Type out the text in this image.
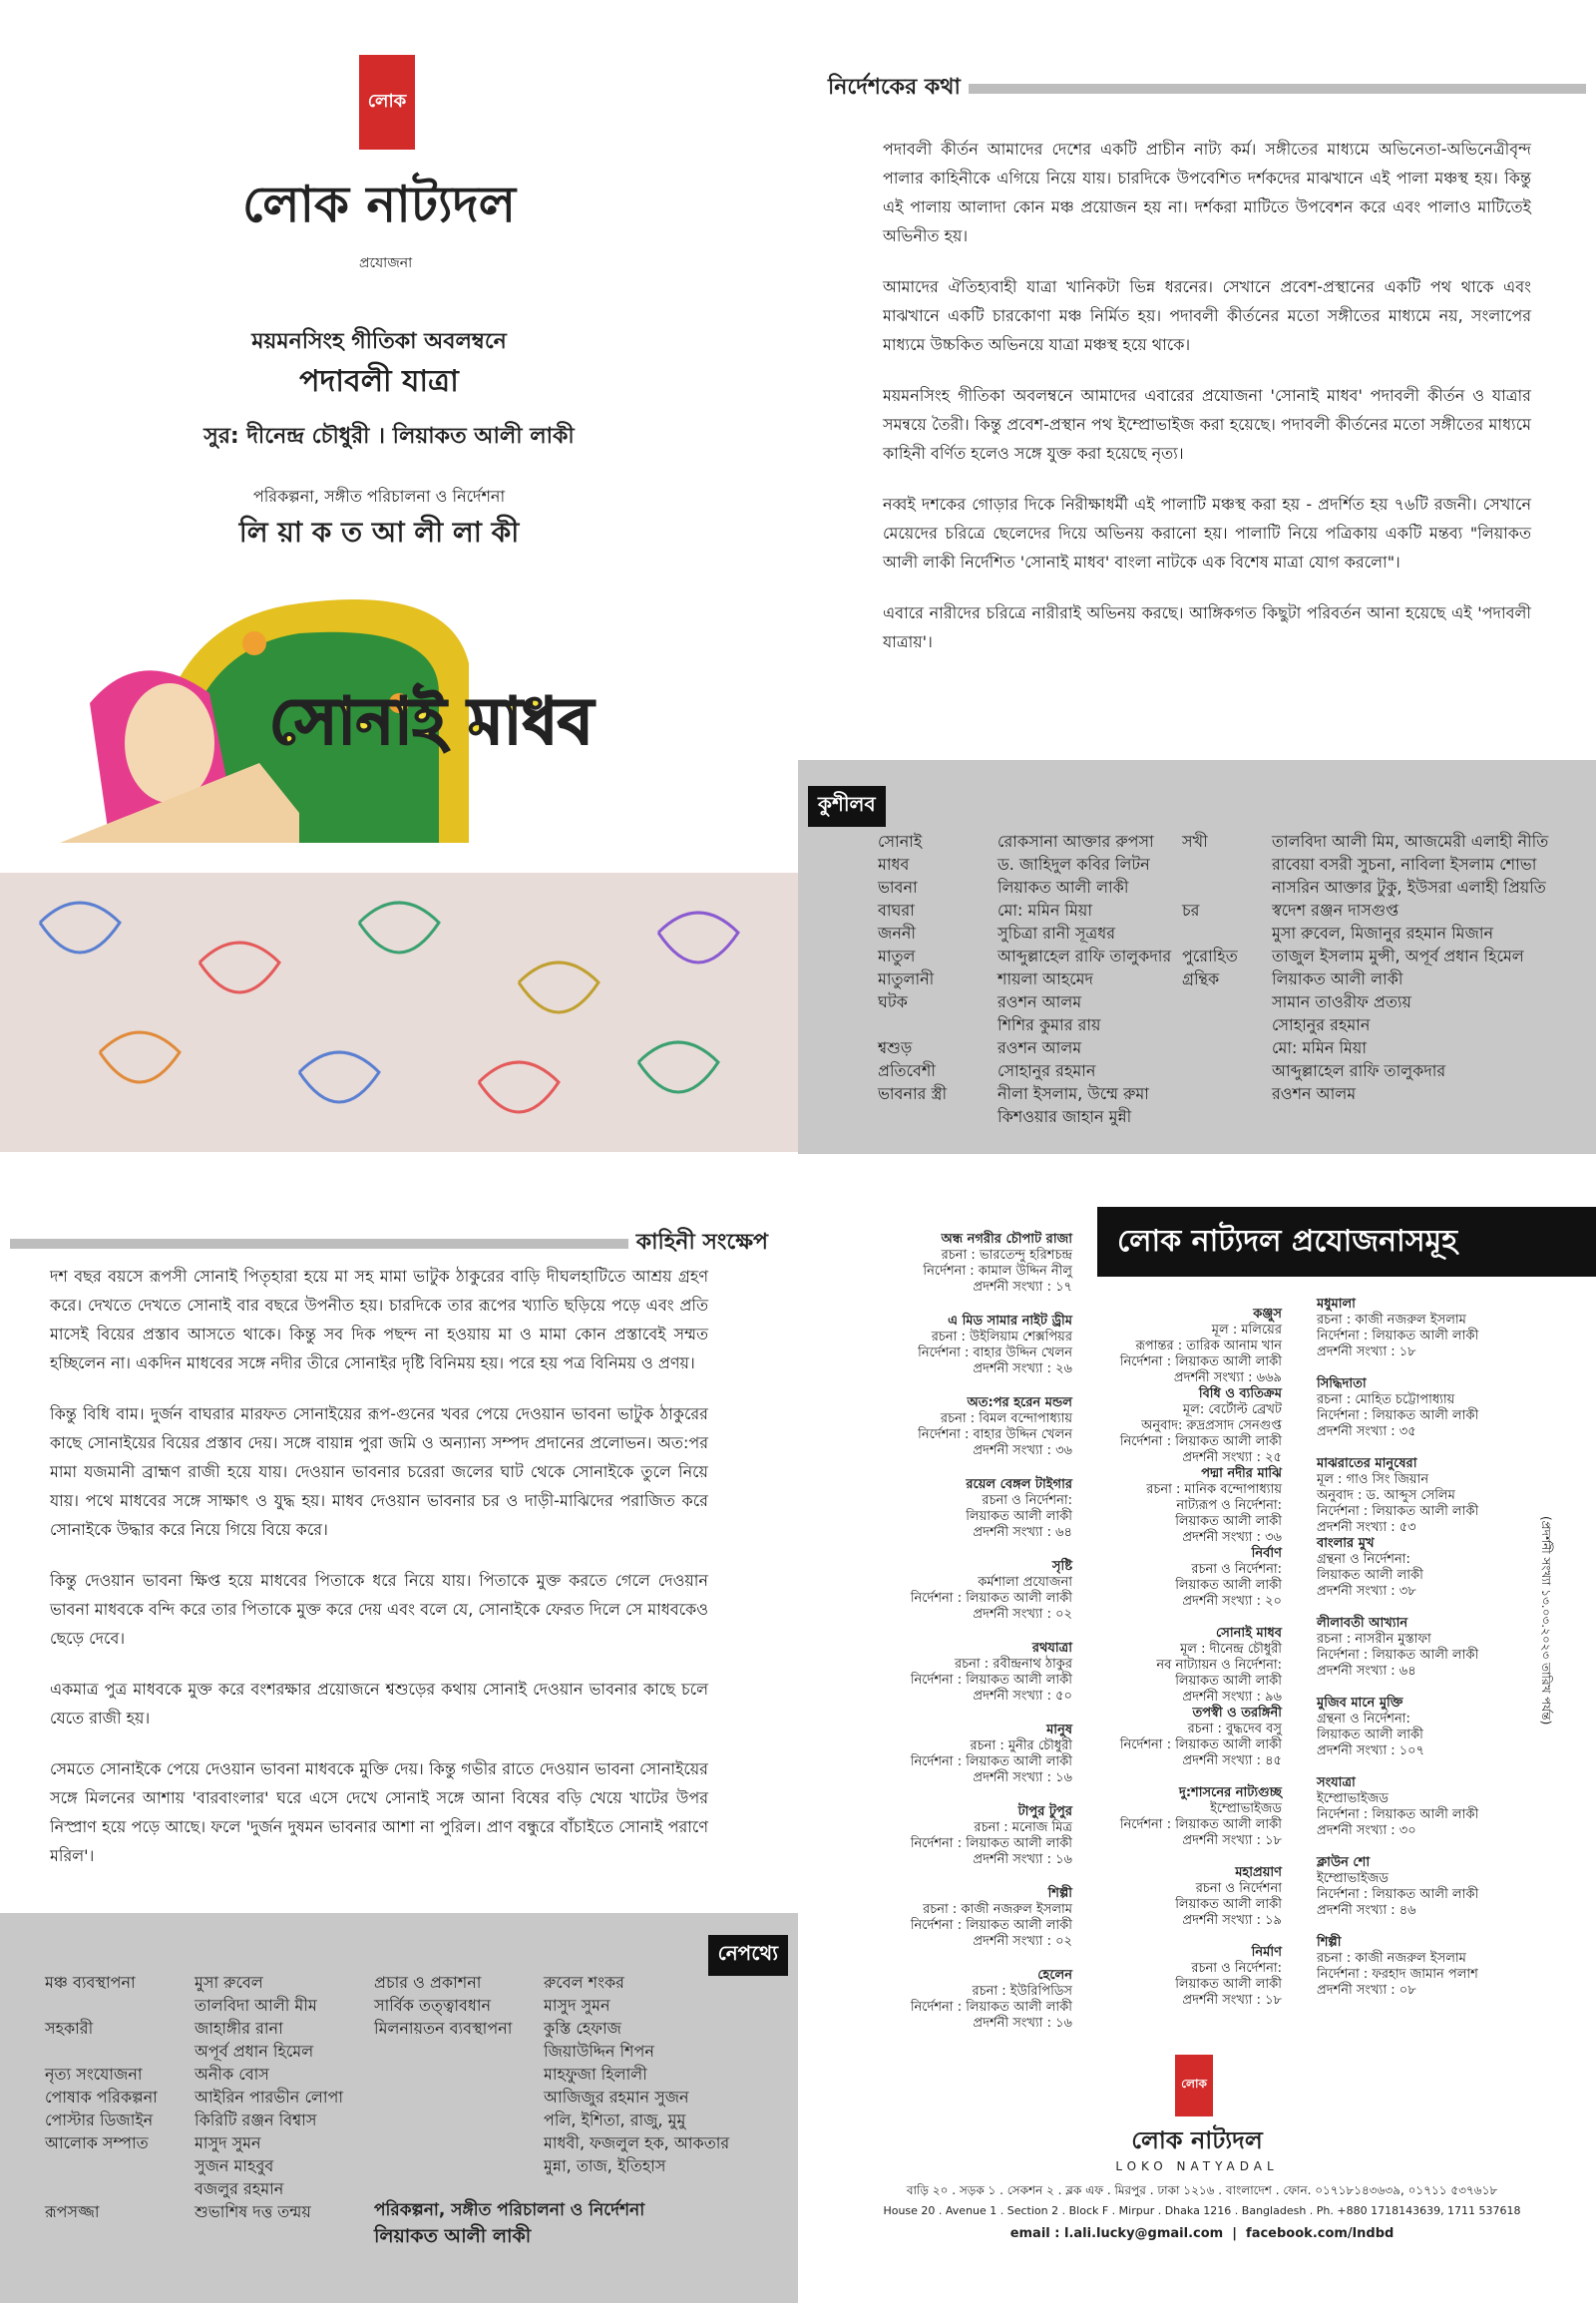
লোক
লোক নাট্যদল
প্রযোজনা
ময়মনসিংহ গীতিকা অবলম্বনে
পদাবলী যাত্রা
সুর: দীনেন্দ্র চৌধুরী । লিয়াকত আলী লাকী
পরিকল্পনা, সঙ্গীত পরিচালনা ও নির্দেশনা
লি য়া ক ত আ লী লা কী
সোনাই মাধব
নির্দেশকের কথা

পদাবলী কীর্তন আমাদের দেশের একটি প্রাচীন নাট্য কর্ম। সঙ্গীতের মাধ্যমে অভিনেতা-অভিনেত্রীবৃন্দ পালার কাহিনীকে এগিয়ে নিয়ে যায়। চারদিকে উপবেশিত দর্শকদের মাঝখানে এই পালা মঞ্চস্থ হয়। কিন্তু এই পালায় আলাদা কোন মঞ্চ প্রয়োজন হয় না। দর্শকরা মাটিতে উপবেশন করে এবং পালাও মাটিতেই অভিনীত হয়।

আমাদের ঐতিহ্যবাহী যাত্রা খানিকটা ভিন্ন ধরনের। সেখানে প্রবেশ-প্রস্থানের একটি পথ থাকে এবং মাঝখানে একটি চারকোণা মঞ্চ নির্মিত হয়। পদাবলী কীর্তনের মতো সঙ্গীতের মাধ্যমে নয়, সংলাপের মাধ্যমে উচ্চকিত অভিনয়ে যাত্রা মঞ্চস্থ হয়ে থাকে।

ময়মনসিংহ গীতিকা অবলম্বনে আমাদের এবারের প্রযোজনা 'সোনাই মাধব' পদাবলী কীর্তন ও যাত্রার সমন্বয়ে তৈরী। কিন্তু প্রবেশ-প্রস্থান পথ ইম্প্রোভাইজ করা হয়েছে। পদাবলী কীর্তনের মতো সঙ্গীতের মাধ্যমে কাহিনী বর্ণিত হলেও সঙ্গে যুক্ত করা হয়েছে নৃত্য।

নব্বই দশকের গোড়ার দিকে নিরীক্ষাধর্মী এই পালাটি মঞ্চস্থ করা হয় - প্রদর্শিত হয় ৭৬টি রজনী। সেখানে মেয়েদের চরিত্রে ছেলেদের দিয়ে অভিনয় করানো হয়। পালাটি নিয়ে পত্রিকায় একটি মন্তব্য "লিয়াকত আলী লাকী নির্দেশিত 'সোনাই মাধব' বাংলা নাটকে এক বিশেষ মাত্রা যোগ করলো"।

এবারে নারীদের চরিত্রে নারীরাই অভিনয় করছে। আঙ্গিকগত কিছুটা পরিবর্তন আনা হয়েছে এই 'পদাবলী যাত্রায়'।

কুশীলব
সোনাই	রোকসানা আক্তার রুপসা
মাধব	ড. জাহিদুল কবির লিটন
ভাবনা	লিয়াকত আলী লাকী
বাঘরা	মো: মমিন মিয়া
জননী	সুচিত্রা রানী সূত্রধর
মাতুল	আব্দুল্লাহেল রাফি তালুকদার
মাতুলানী	শায়লা আহমেদ
ঘটক	রওশন আলম
শিশির কুমার রায়
শ্বশুড়	রওশন আলম
প্রতিবেশী	সোহানুর রহমান
ভাবনার স্ত্রী	নীলা ইসলাম, উম্মে রুমা
কিশওয়ার জাহান মুন্নী
সখী	তালবিদা আলী মিম, আজমেরী এলাহী নীতি
রাবেয়া বসরী সুচনা, নাবিলা ইসলাম শোভা
নাসরিন আক্তার টুকু, ইউসরা এলাহী প্রিয়তি
চর	স্বদেশ রঞ্জন দাসগুপ্ত
মুসা রুবেল, মিজানুর রহমান মিজান
পুরোহিত	তাজুল ইসলাম মুন্সী, অপূর্ব প্রধান হিমেল
গ্রন্থিক	লিয়াকত আলী লাকী
সামান তাওরীফ প্রত্যয়
সোহানুর রহমান
মো: মমিন মিয়া
আব্দুল্লাহেল রাফি তালুকদার
রওশন আলম
কাহিনী সংক্ষেপ

দশ বছর বয়সে রূপসী সোনাই পিতৃহারা হয়ে মা সহ মামা ভাটুক ঠাকুরের বাড়ি দীঘলহাটিতে আশ্রয় গ্রহণ করে। দেখতে দেখতে সোনাই বার বছরে উপনীত হয়। চারদিকে তার রূপের খ্যাতি ছড়িয়ে পড়ে এবং প্রতি মাসেই বিয়ের প্রস্তাব আসতে থাকে। কিন্তু সব দিক পছন্দ না হওয়ায় মা ও মামা কোন প্রস্তাবেই সম্মত হচ্ছিলেন না। একদিন মাধবের সঙ্গে নদীর তীরে সোনাইর দৃষ্টি বিনিময় হয়। পরে হয় পত্র বিনিময় ও প্রণয়।

কিন্তু বিধি বাম। দুর্জন বাঘরার মারফত সোনাইয়ের রূপ-গুনের খবর পেয়ে দেওয়ান ভাবনা ভাটুক ঠাকুরের কাছে সোনাইয়ের বিয়ের প্রস্তাব দেয়। সঙ্গে বায়ান্ন পুরা জমি ও অন্যান্য সম্পদ প্রদানের প্রলোভন। অত:পর মামা যজমানী ব্রাহ্মণ রাজী হয়ে যায়। দেওয়ান ভাবনার চরেরা জলের ঘাট থেকে সোনাইকে তুলে নিয়ে যায়। পথে মাধবের সঙ্গে সাক্ষাৎ ও যুদ্ধ হয়। মাধব দেওয়ান ভাবনার চর ও দাড়ী-মাঝিদের পরাজিত করে সোনাইকে উদ্ধার করে নিয়ে গিয়ে বিয়ে করে।

কিন্তু দেওয়ান ভাবনা ক্ষিপ্ত হয়ে মাধবের পিতাকে ধরে নিয়ে যায়। পিতাকে মুক্ত করতে গেলে দেওয়ান ভাবনা মাধবকে বন্দি করে তার পিতাকে মুক্ত করে দেয় এবং বলে যে, সোনাইকে ফেরত দিলে সে মাধবকেও ছেড়ে দেবে।

একমাত্র পুত্র মাধবকে মুক্ত করে বংশরক্ষার প্রয়োজনে শ্বশুড়ের কথায় সোনাই দেওয়ান ভাবনার কাছে চলে যেতে রাজী হয়।

সেমতে সোনাইকে পেয়ে দেওয়ান ভাবনা মাধবকে মুক্তি দেয়। কিন্তু গভীর রাতে দেওয়ান ভাবনা সোনাইয়ের সঙ্গে মিলনের আশায় 'বারবাংলার' ঘরে এসে দেখে সোনাই সঙ্গে আনা বিষের বড়ি খেয়ে খাটের উপর নিস্প্রাণ হয়ে পড়ে আছে। ফলে 'দুর্জন দুষমন ভাবনার আশা না পুরিল। প্রাণ বন্ধুরে বাঁচাইতে সোনাই পরাণে মরিল'।

নেপথ্যে
মঞ্চ ব্যবস্থাপনা	মুসা রুবেল
তালবিদা আলী মীম
সহকারী	জাহাঙ্গীর রানা
অপূর্ব প্রধান হিমেল
নৃত্য সংযোজনা	অনীক বোস
পোষাক পরিকল্পনা	আইরিন পারভীন লোপা
পোস্টার ডিজাইন	কিরিটি রঞ্জন বিশ্বাস
আলোক সম্পাত	মাসুদ সুমন
সুজন মাহবুব
বজলুর রহমান
রূপসজ্জা	শুভাশিষ দত্ত তন্ময়
প্রচার ও প্রকাশনা	রুবেল শংকর
সার্বিক তত্ত্বাবধান	মাসুদ সুমন
মিলনায়তন ব্যবস্থাপনা	কুস্তি হেফাজ
জিয়াউদ্দিন শিপন
মাহফুজা হিলালী
আজিজুর রহমান সুজন
পলি, ইশিতা, রাজু, মুমু
মাধবী, ফজলুল হক, আকতার
মুন্না, তাজ, ইতিহাস
পরিকল্পনা, সঙ্গীত পরিচালনা ও নির্দেশনা
লিয়াকত আলী লাকী
লোক নাট্যদল প্রযোজনাসমূহ
অন্ধ নগরীর চৌপাট রাজা
রচনা : ভারতেন্দু হরিশচন্দ্র
নির্দেশনা : কামাল উদ্দিন নীলু
প্রদর্শনী সংখ্যা : ১৭
এ মিড সামার নাইট ড্রীম
রচনা : উইলিয়াম শেক্সপিয়র
নির্দেশনা : বাহার উদ্দিন খেলন
প্রদর্শনী সংখ্যা : ২৬
অত:পর হরেন মন্ডল
রচনা : বিমল বন্দোপাধ্যায়
নির্দেশনা : বাহার উদ্দিন খেলন
প্রদর্শনী সংখ্যা : ৩৬
রয়েল বেঙ্গল টাইগার
রচনা ও নির্দেশনা:
লিয়াকত আলী লাকী
প্রদর্শনী সংখ্যা : ৬৪
সৃষ্টি
কর্মশালা প্রযোজনা
নির্দেশনা : লিয়াকত আলী লাকী
প্রদর্শনী সংখ্যা : ০২
রথযাত্রা
রচনা : রবীন্দ্রনাথ ঠাকুর
নির্দেশনা : লিয়াকত আলী লাকী
প্রদর্শনী সংখ্যা : ৫০
মানুষ
রচনা : মুনীর চৌধুরী
নির্দেশনা : লিয়াকত আলী লাকী
প্রদর্শনী সংখ্যা : ১৬
টাপুর টুপুর
রচনা : মনোজ মিত্র
নির্দেশনা : লিয়াকত আলী লাকী
প্রদর্শনী সংখ্যা : ১৬
শিল্পী
রচনা : কাজী নজরুল ইসলাম
নির্দেশনা : লিয়াকত আলী লাকী
প্রদর্শনী সংখ্যা : ০২
হেলেন
রচনা : ইউরিপিডিস
নির্দেশনা : লিয়াকত আলী লাকী
প্রদর্শনী সংখ্যা : ১৬
কঞ্জুস
মূল : মলিয়ের
রূপান্তর : তারিক আনাম খান
নির্দেশনা : লিয়াকত আলী লাকী
প্রদর্শনী সংখ্যা : ৬৬৯
বিধি ও ব্যতিক্রম
মূল: বের্টোল্ট ব্রেখট
অনুবাদ: রুদ্রপ্রসাদ সেনগুপ্ত
নির্দেশনা : লিয়াকত আলী লাকী
প্রদর্শনী সংখ্যা : ২৫
পদ্মা নদীর মাঝি
রচনা : মানিক বন্দোপাধ্যায়
নাট্যরূপ ও নির্দেশনা:
লিয়াকত আলী লাকী
প্রদর্শনী সংখ্যা : ৩৬
নির্বাণ
রচনা ও নির্দেশনা:
লিয়াকত আলী লাকী
প্রদর্শনী সংখ্যা : ২০
সোনাই মাধব
মূল : দীনেন্দ্র চৌধুরী
নব নাট্যায়ন ও নির্দেশনা:
লিয়াকত আলী লাকী
প্রদর্শনী সংখ্যা : ৯৬
তপস্বী ও তরঙ্গিনী
রচনা : বুদ্ধদেব বসু
নির্দেশনা : লিয়াকত আলী লাকী
প্রদর্শনী সংখ্যা : ৪৫
দু:শাসনের নাট্যগুচ্ছ
ইম্প্রোভাইজড
নির্দেশনা : লিয়াকত আলী লাকী
প্রদর্শনী সংখ্যা : ১৮
মহাপ্রয়াণ
রচনা ও নির্দেশনা
লিয়াকত আলী লাকী
প্রদর্শনী সংখ্যা : ১৯
নির্মাণ
রচনা ও নির্দেশনা:
লিয়াকত আলী লাকী
প্রদর্শনী সংখ্যা : ১৮
মধুমালা
রচনা : কাজী নজরুল ইসলাম
নির্দেশনা : লিয়াকত আলী লাকী
প্রদর্শনী সংখ্যা : ১৮
সিদ্ধিদাতা
রচনা : মোহিত চট্টোপাধ্যায়
নির্দেশনা : লিয়াকত আলী লাকী
প্রদর্শনী সংখ্যা : ৩৫
মাঝরাতের মানুষেরা
মূল : গাও সিং জিয়ান
অনুবাদ : ড. আব্দুস সেলিম
নির্দেশনা : লিয়াকত আলী লাকী
প্রদর্শনী সংখ্যা : ৫৩
বাংলার মুখ
গ্রন্থনা ও নির্দেশনা:
লিয়াকত আলী লাকী
প্রদর্শনী সংখ্যা : ৩৮
লীলাবতী আখ্যান
রচনা : নাসরীন মুস্তাফা
নির্দেশনা : লিয়াকত আলী লাকী
প্রদর্শনী সংখ্যা : ৬৪
মুজিব মানে মুক্তি
গ্রন্থনা ও নির্দেশনা:
লিয়াকত আলী লাকী
প্রদর্শনী সংখ্যা : ১০৭
সংযাত্রা
ইম্প্রোভাইজড
নির্দেশনা : লিয়াকত আলী লাকী
প্রদর্শনী সংখ্যা : ৩০
ক্লাউন শো
ইম্প্রোভাইজড
নির্দেশনা : লিয়াকত আলী লাকী
প্রদর্শনী সংখ্যা : ৪৬
শিল্পী
রচনা : কাজী নজরুল ইসলাম
নির্দেশনা : ফরহাদ জামান পলাশ
প্রদর্শনী সংখ্যা : ০৮
(প্রদর্শনী সংখ্যা ১৩.০৩.২০২৩ তারিখ পর্যন্ত)
লোক
লোক নাট্যদল
LOKO NATYADAL
বাড়ি ২০ . সড়ক ১ . সেকশন ২ . ব্লক এফ . মিরপুর . ঢাকা ১২১৬ . বাংলাদেশ . ফোন. ০১৭১৮১৪৩৬৩৯, ০১৭১১ ৫৩৭৬১৮
House 20 . Avenue 1 . Section 2 . Block F . Mirpur . Dhaka 1216 . Bangladesh . Ph. +880 1718143639, 1711 537618
email : l.ali.lucky@gmail.com  |  facebook.com/lndbd
